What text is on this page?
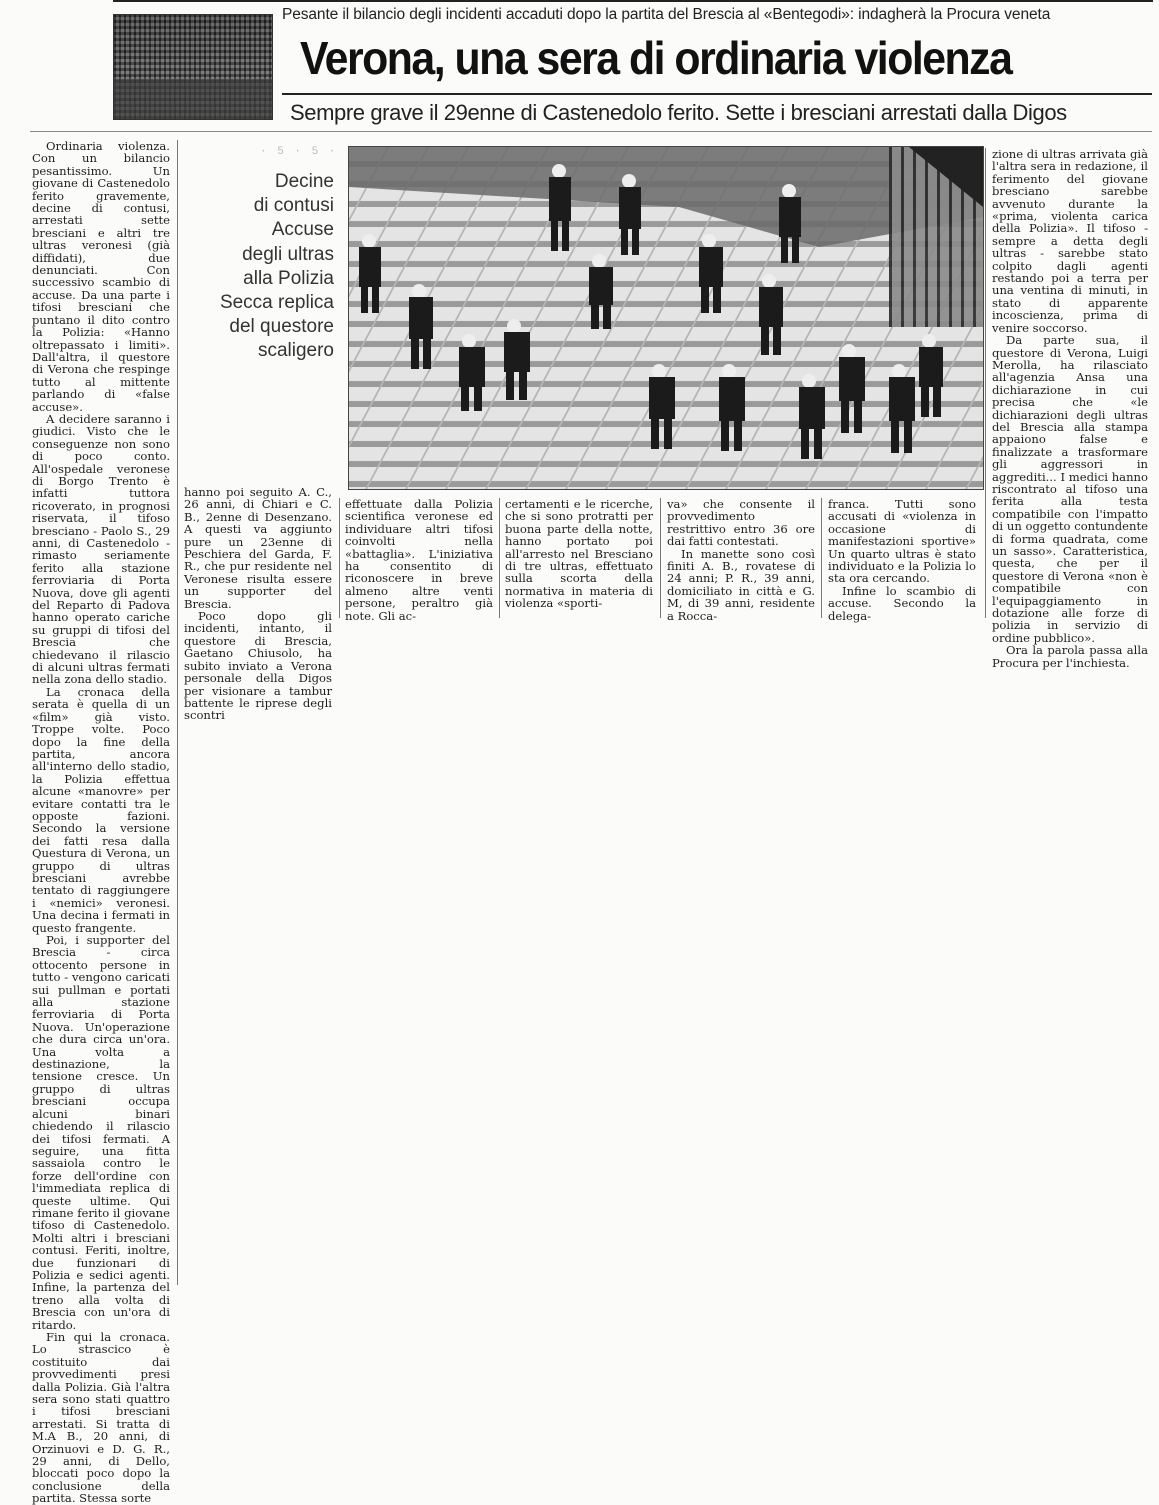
Pesante il bilancio degli incidenti accaduti dopo la partita del Brescia al «Bentegodi»: indagherà la Procura veneta
Verona, una sera di ordinaria violenza
Sempre grave il 29enne di Castenedolo ferito. Sette i bresciani arrestati dalla Digos
· 5 · 5 ·
Decine
di contusi
Accuse
degli ultras
alla Polizia
Secca replica
del questore
scaligero

Ordinaria violenza. Con un bilancio pesantissimo. Un giovane di Castenedolo ferito gravemente, decine di contusi, arrestati sette bresciani e altri tre ultras veronesi (già diffidati), due denunciati. Con successivo scambio di accuse. Da una parte i tifosi bresciani che puntano il dito contro la Polizia: «Hanno oltrepassato i limiti». Dall'altra, il questore di Verona che respinge tutto al mittente parlando di «false accuse».

A decidere saranno i giudici. Visto che le conseguenze non sono di poco conto. All'ospedale veronese di Borgo Trento è infatti tuttora ricoverato, in prognosi riservata, il tifoso bresciano - Paolo S., 29 anni, di Castenedolo - rimasto seriamente ferito alla stazione ferroviaria di Porta Nuova, dove gli agenti del Reparto di Padova hanno operato cariche su gruppi di tifosi del Brescia che chiedevano il rilascio di alcuni ultras fermati nella zona dello stadio.

La cronaca della serata è quella di un «film» già visto. Troppe volte. Poco dopo la fine della partita, ancora all'interno dello stadio, la Polizia effettua alcune «manovre» per evitare contatti tra le opposte fazioni. Secondo la versione dei fatti resa dalla Questura di Verona, un gruppo di ultras bresciani avrebbe tentato di raggiungere i «nemici» veronesi. Una decina i fermati in questo frangente.

Poi, i supporter del Brescia - circa ottocento persone in tutto - vengono caricati sui pullman e portati alla stazione ferroviaria di Porta Nuova. Un'operazione che dura circa un'ora. Una volta a destinazione, la tensione cresce. Un gruppo di ultras bresciani occupa alcuni binari chiedendo il rilascio dei tifosi fermati. A seguire, una fitta sassaiola contro le forze dell'ordine con l'immediata replica di queste ultime. Qui rimane ferito il giovane tifoso di Castenedolo. Molti altri i bresciani contusi. Feriti, inoltre, due funzionari di Polizia e sedici agenti. Infine, la partenza del treno alla volta di Brescia con un'ora di ritardo.

Fin qui la cronaca. Lo strascico è costituito dai provvedimenti presi dalla Polizia. Già l'altra sera sono stati quattro i tifosi bresciani arrestati. Si tratta di M.A B., 20 anni, di Orzinuovi e D. G. R., 29 anni, di Dello, bloccati poco dopo la conclusione della partita. Stessa sorte

hanno poi seguito A. C., 26 anni, di Chiari e C. B., 2enne di Desenzano. A questi va aggiunto pure un 23enne di Peschiera del Garda, F. R., che pur residente nel Veronese risulta essere un supporter del Brescia.

Poco dopo gli incidenti, intanto, il questore di Brescia, Gaetano Chiusolo, ha subito inviato a Verona personale della Digos per visionare a tambur battente le riprese degli scontri

effettuate dalla Polizia scientifica veronese ed individuare altri tifosi coinvolti nella «battaglia». L'iniziativa ha consentito di riconoscere in breve almeno altre venti persone, peraltro già note. Gli ac-

certamenti e le ricerche, che si sono protratti per buona parte della notte, hanno portato poi all'arresto nel Bresciano di tre ultras, effettuato sulla scorta della normativa in materia di violenza «sporti-

va» che consente il provvedimento restrittivo entro 36 ore dai fatti contestati.

In manette sono così finiti A. B., rovatese di 24 anni; P. R., 39 anni, domiciliato in città e G. M, di 39 anni, residente a Rocca-

franca. Tutti sono accusati di «violenza in occasione di manifestazioni sportive» Un quarto ultras è stato individuato e la Polizia lo sta ora cercando.

Infine lo scambio di accuse. Secondo la delega-

zione di ultras arrivata già l'altra sera in redazione, il ferimento del giovane bresciano sarebbe avvenuto durante la «prima, violenta carica della Polizia». Il tifoso - sempre a detta degli ultras - sarebbe stato colpito dagli agenti restando poi a terra per una ventina di minuti, in stato di apparente incoscienza, prima di venire soccorso.

Da parte sua, il questore di Verona, Luigi Merolla, ha rilasciato all'agenzia Ansa una dichiarazione in cui precisa che «le dichiarazioni degli ultras del Brescia alla stampa appaiono false e finalizzate a trasformare gli aggressori in aggrediti... I medici hanno riscontrato al tifoso una ferita alla testa compatibile con l'impatto di un oggetto contundente di forma quadrata, come un sasso». Caratteristica, questa, che per il questore di Verona «non è compatibile con l'equipaggiamento in dotazione alle forze di polizia in servizio di ordine pubblico».

Ora la parola passa alla Procura per l'inchiesta.
